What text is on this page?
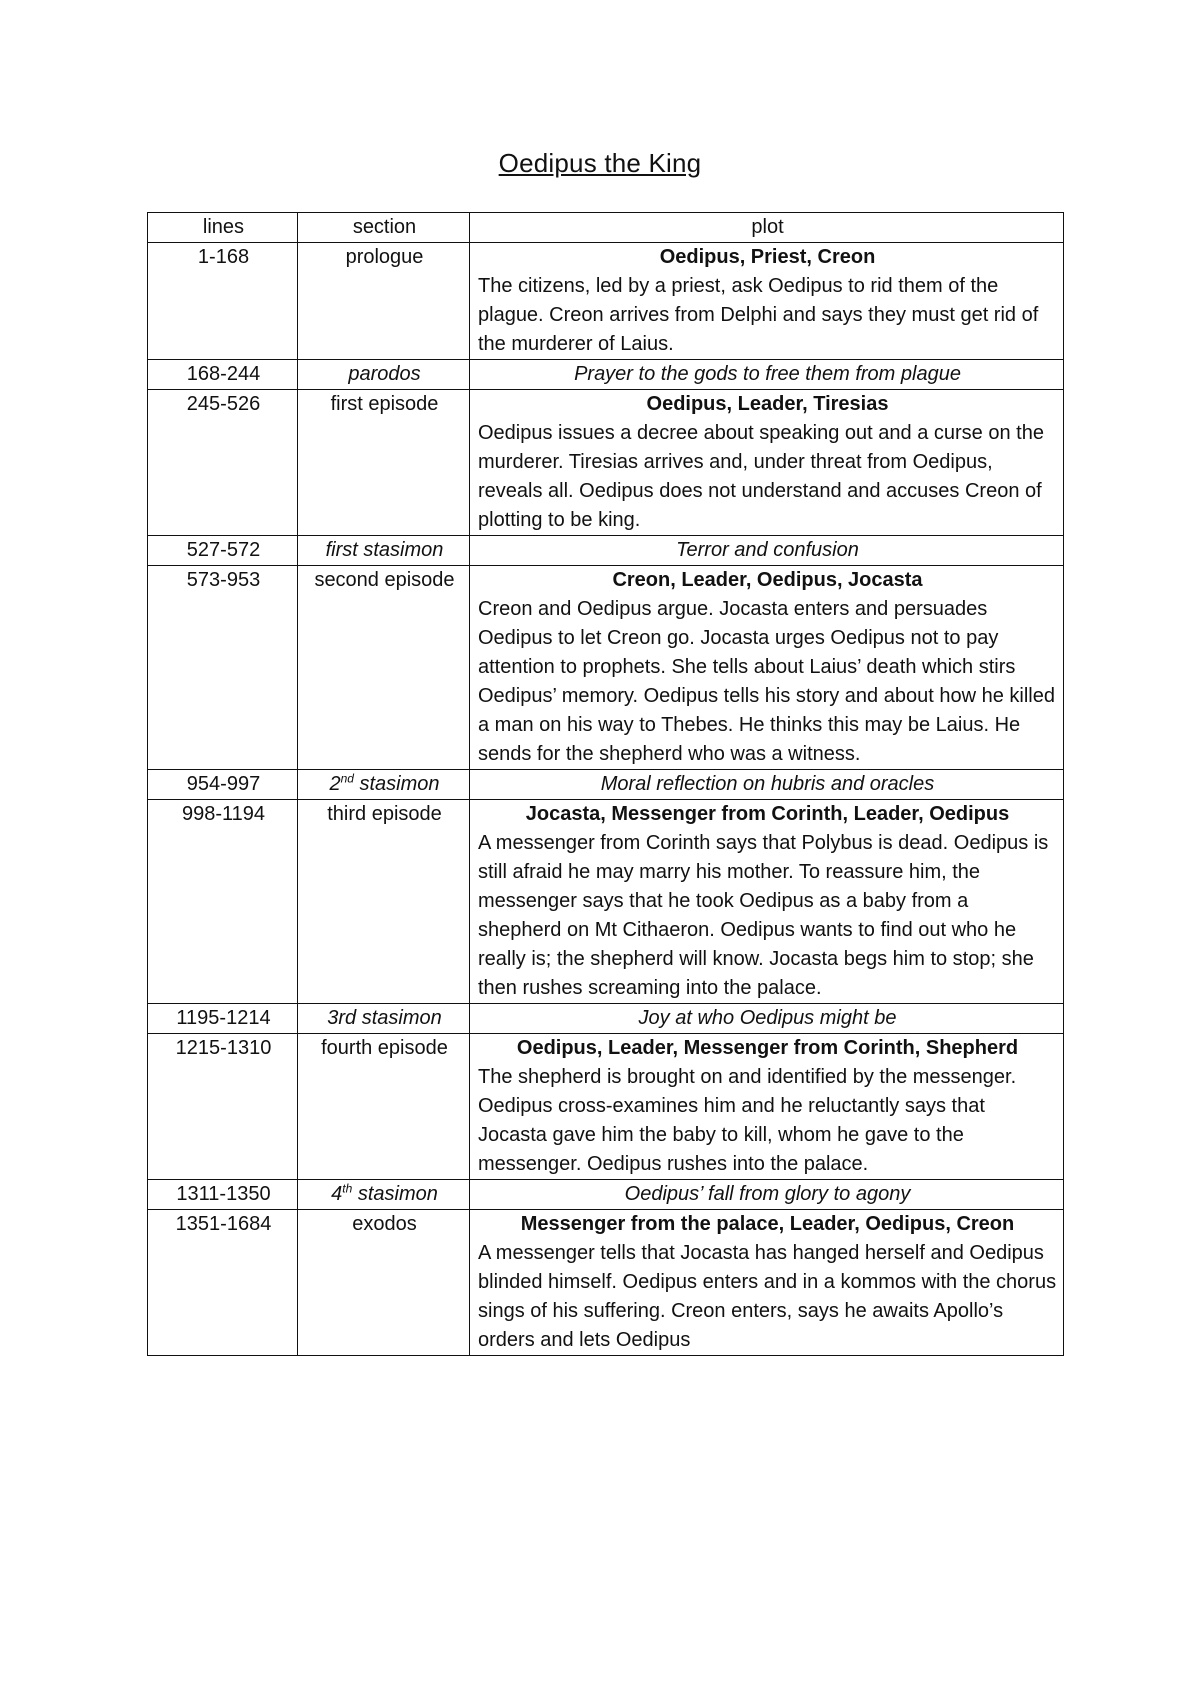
Oedipus the King
lines	section	plot
1-168	prologue	Oedipus, Priest, Creon
The citizens, led by a priest, ask Oedipus to rid them of the plague. Creon arrives from Delphi and says they must get rid of the murderer of Laius.

168-244	parodos	Prayer to the gods to free them from plague
245-526	first episode	Oedipus, Leader, Tiresias
Oedipus issues a decree about speaking out and a curse on the murderer. Tiresias arrives and, under threat from Oedipus, reveals all. Oedipus does not understand and accuses Creon of plotting to be king.

527-572	first stasimon	Terror and confusion
573-953	second episode	Creon, Leader, Oedipus, Jocasta
Creon and Oedipus argue. Jocasta enters and persuades Oedipus to let Creon go. Jocasta urges Oedipus not to pay attention to prophets. She tells about Laius’ death which stirs Oedipus’ memory. Oedipus tells his story and about how he killed a man on his way to Thebes. He thinks this may be Laius. He sends for the shepherd who was a witness.

954-997	2nd stasimon	Moral reflection on hubris and oracles
998-1194	third episode	Jocasta, Messenger from Corinth, Leader, Oedipus
A messenger from Corinth says that Polybus is dead. Oedipus is still afraid he may marry his mother. To reassure him, the messenger says that he took Oedipus as a baby from a shepherd on Mt Cithaeron. Oedipus wants to find out who he really is; the shepherd will know. Jocasta begs him to stop; she then rushes screaming into the palace.

1195-1214	3rd stasimon	Joy at who Oedipus might be
1215-1310	fourth episode	Oedipus, Leader, Messenger from Corinth, Shepherd
The shepherd is brought on and identified by the messenger. Oedipus cross-examines him and he reluctantly says that Jocasta gave him the baby to kill, whom he gave to the messenger. Oedipus rushes into the palace.

1311-1350	4th stasimon	Oedipus’ fall from glory to agony
1351-1684	exodos	Messenger from the palace, Leader, Oedipus, Creon
A messenger tells that Jocasta has hanged herself and Oedipus blinded himself. Oedipus enters and in a kommos with the chorus sings of his suffering. Creon enters, says he awaits Apollo’s orders and lets Oedipus
